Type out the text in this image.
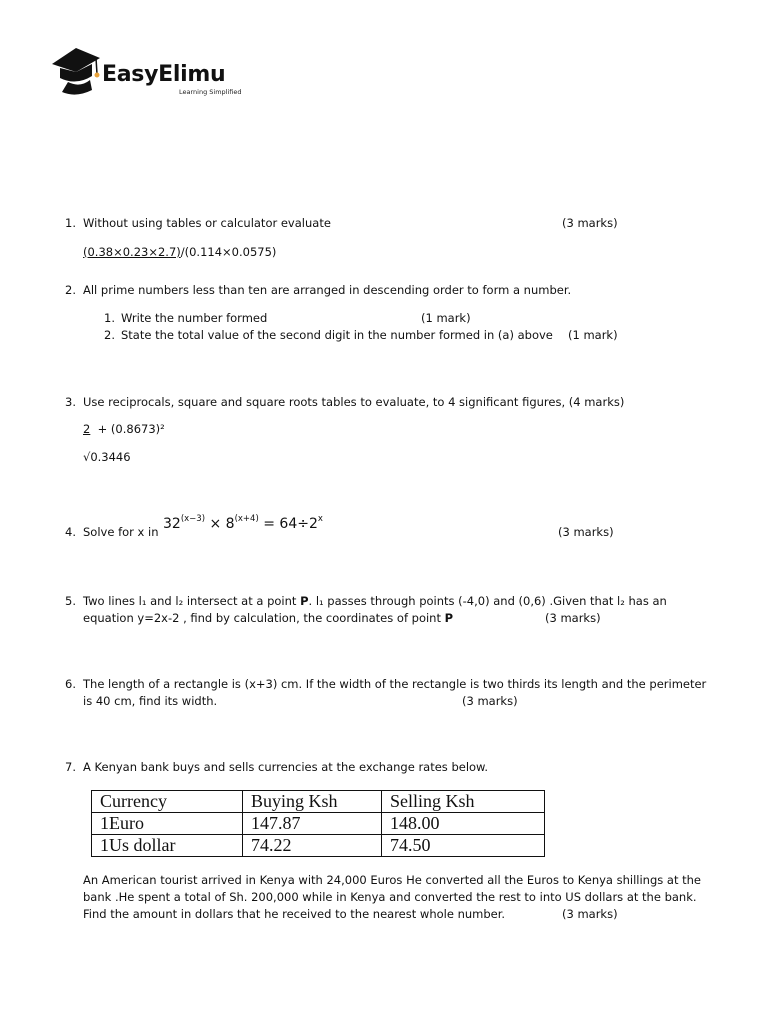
EasyElimu
Learning Simplified
1. Without using tables or calculator evaluate	(3 marks)
(0.38×0.23×2.7)/(0.114×0.0575)
2. All prime numbers less than ten are arranged in descending order to form a number.
1. Write the number formed	(1 mark)
2. State the total value of the second digit in the number formed in (a) above (1 mark)
3. Use reciprocals, square and square roots tables to evaluate, to 4 significant figures, (4 marks)
2 + (0.8673)²
√0.3446
4. Solve for x in $32^{(x-3)} \times 8^{(x+4)} = 64\div 2^x$
(3 marks)
5. Two lines l₁ and l₂ intersect at a point P. l₁ passes through points (-4,0) and (0,6) .Given that l₂ has an
equation y=2x-2 , find by calculation, the coordinates of point P	(3 marks)
6. The length of a rectangle is (x+3) cm. If the width of the rectangle is two thirds its length and the perimeter
is 40 cm, find its width.	(3 marks)
7. A Kenyan bank buys and sells currencies at the exchange rates below.
Currency	Buying Ksh	Selling Ksh
1Euro	147.87	148.00
1Us dollar	74.22	74.50
An American tourist arrived in Kenya with 24,000 Euros He converted all the Euros to Kenya shillings at the
bank .He spent a total of Sh. 200,000 while in Kenya and converted the rest to into US dollars at the bank.
Find the amount in dollars that he received to the nearest whole number.	(3 marks)
